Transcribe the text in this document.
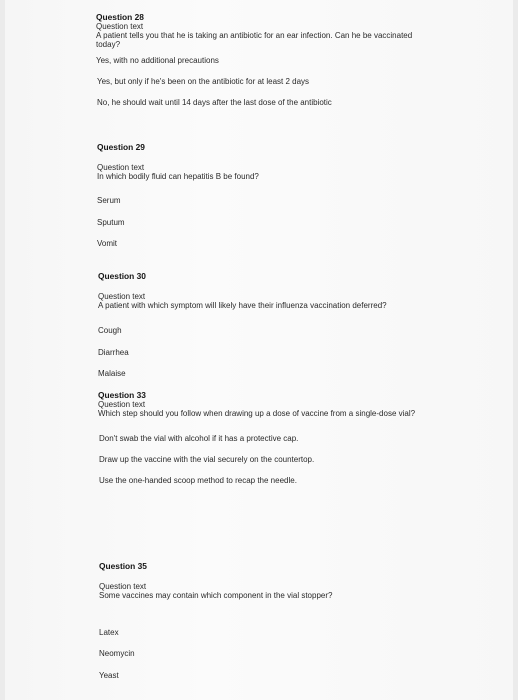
Question 28
Question text
A patient tells you that he is taking an antibiotic for an ear infection. Can he be vaccinated today?
Yes, with no additional precautions
Yes, but only if he's been on the antibiotic for at least 2 days
No, he should wait until 14 days after the last dose of the antibiotic
Question 29
Question text
In which bodily fluid can hepatitis B be found?
Serum
Sputum
Vomit
Question 30
Question text
A patient with which symptom will likely have their influenza vaccination deferred?
Cough
Diarrhea
Malaise
Question 33
Question text
Which step should you follow when drawing up a dose of vaccine from a single-dose vial?
Don't swab the vial with alcohol if it has a protective cap.
Draw up the vaccine with the vial securely on the countertop.
Use the one-handed scoop method to recap the needle.
Question 35
Question text
Some vaccines may contain which component in the vial stopper?
Latex
Neomycin
Yeast
